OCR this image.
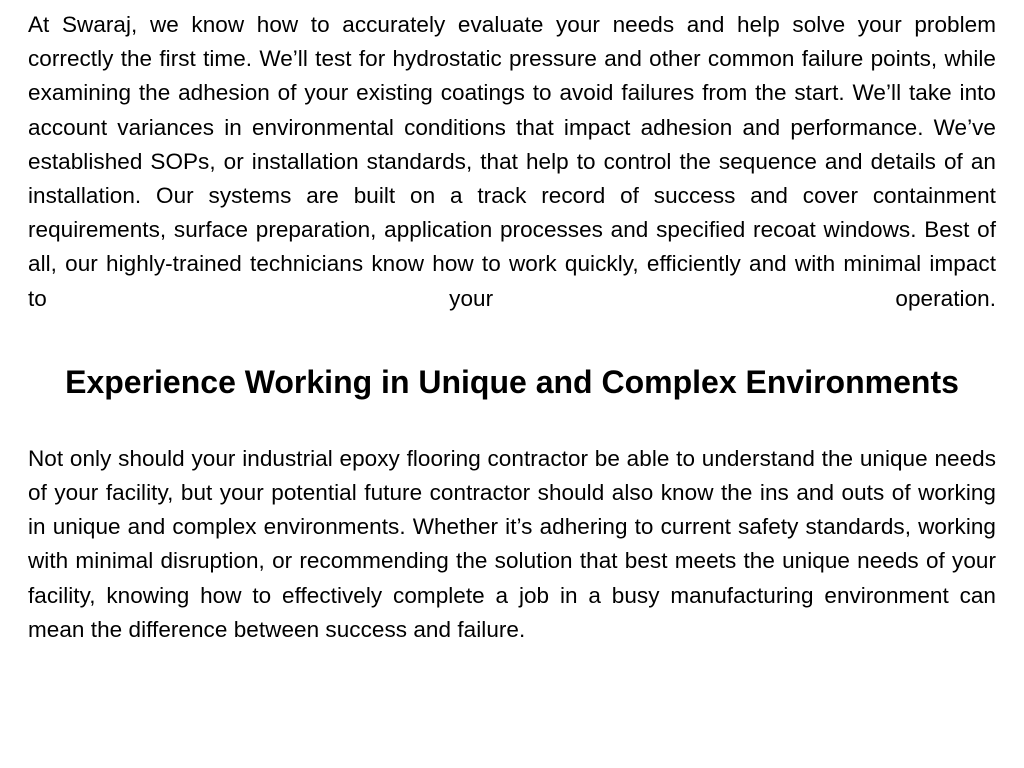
At Swaraj, we know how to accurately evaluate your needs and help solve your problem correctly the first time. We’ll test for hydrostatic pressure and other common failure points, while examining the adhesion of your existing coatings to avoid failures from the start. We’ll take into account variances in environmental conditions that impact adhesion and performance. We’ve established SOPs, or installation standards, that help to control the sequence and details of an installation. Our systems are built on a track record of success and cover containment requirements, surface preparation, application processes and specified recoat windows. Best of all, our highly-trained technicians know how to work quickly, efficiently and with minimal impact to your operation.

Experience Working in Unique and Complex Environments

Not only should your industrial epoxy flooring contractor be able to understand the unique needs of your facility, but your potential future contractor should also know the ins and outs of working in unique and complex environments. Whether it’s adhering to current safety standards, working with minimal disruption, or recommending the solution that best meets the unique needs of your facility, knowing how to effectively complete a job in a busy manufacturing environment can mean the difference between success and failure.
